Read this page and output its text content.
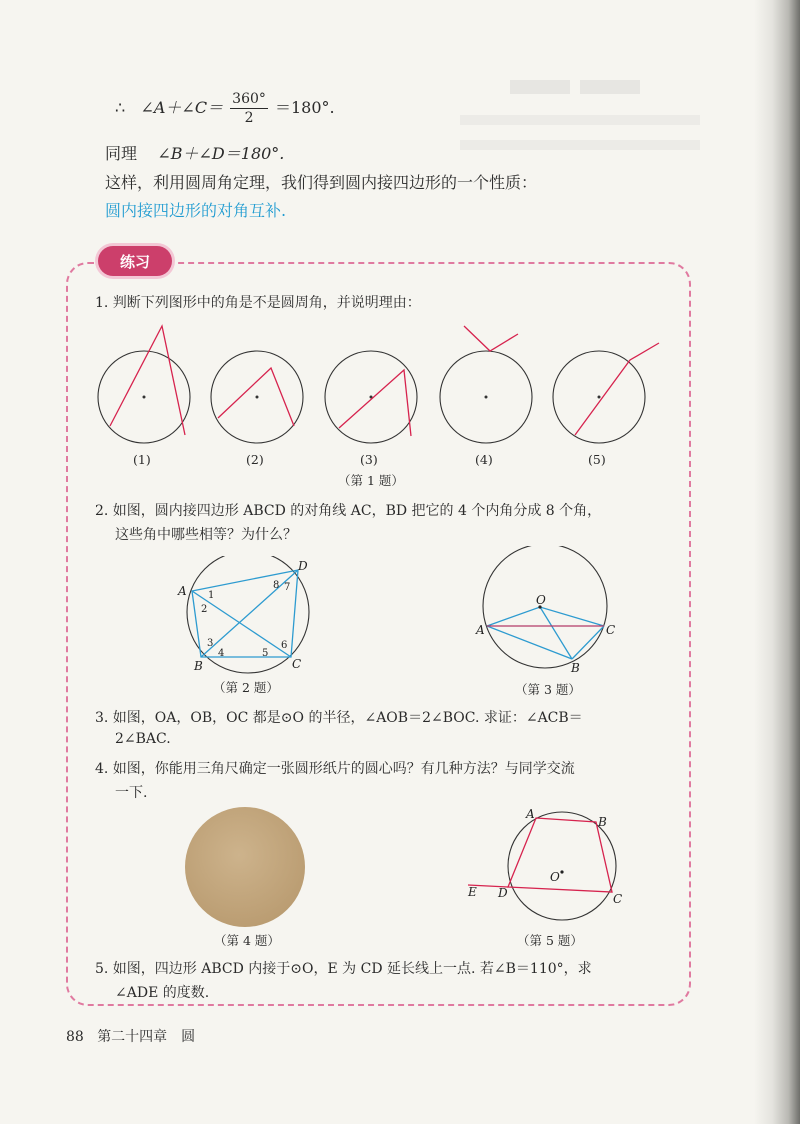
∴ ∠A＋∠C＝ $\frac{360^\circ}{2} =180^\circ$.
同理 ∠B＋∠D＝180°.
这样，利用圆周角定理，我们得到圆内接四边形的一个性质：
圆内接四边形的对角互补.
练习
1. 判断下列图形中的角是不是圆周角，并说明理由：
(1)	(2)	(3)	(4)	(5)
（第 1 题）
2. 如图，圆内接四边形 ABCD 的对角线 AC，BD 把它的 4 个内角分成 8 个角，
这些角中哪些相等？为什么？
A
B	C
D
1
2
3
4	5
6
7
8
（第 2 题）
O
A
B
C
（第 3 题）
3. 如图，OA，OB，OC 都是⊙O 的半径，∠AOB＝2∠BOC. 求证：∠ACB＝
2∠BAC.
4. 如图，你能用三角尺确定一张圆形纸片的圆心吗？有几种方法？与同学交流
一下.
（第 4 题）
A
B
C
D
E
O
（第 5 题）
5. 如图，四边形 ABCD 内接于⊙O，E 为 CD 延长线上一点. 若∠B＝110°，求
∠ADE 的度数.
88 第二十四章　圆
